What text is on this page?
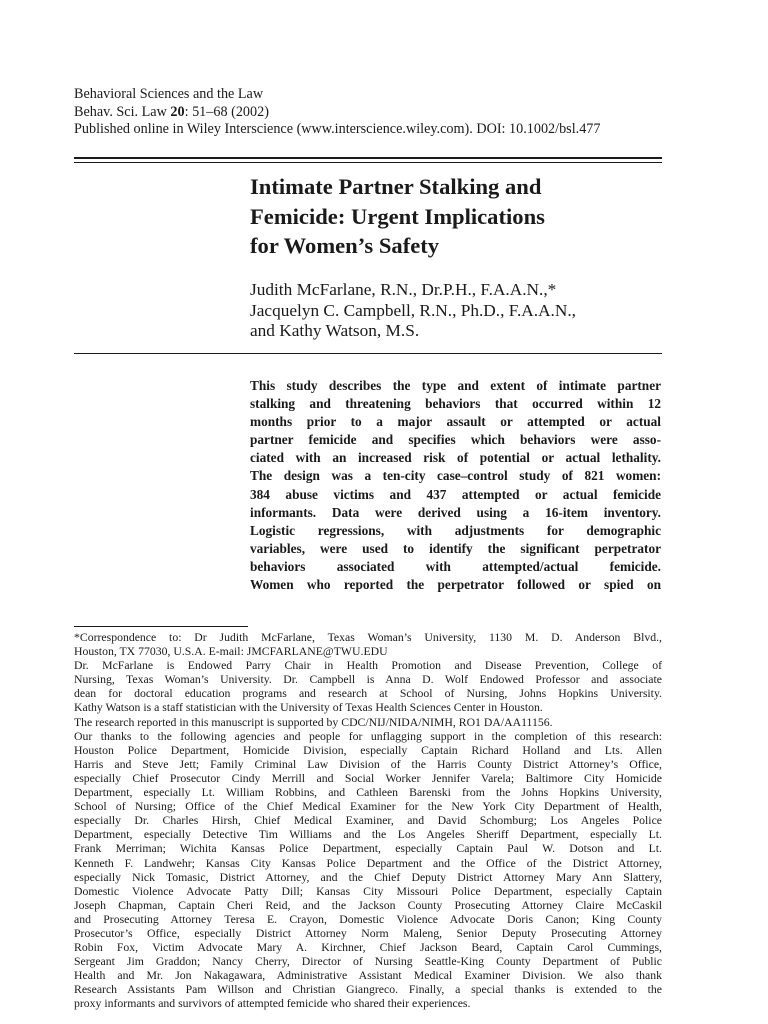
Behavioral Sciences and the Law
Behav. Sci. Law 20: 51–68 (2002)
Published online in Wiley Interscience (www.interscience.wiley.com). DOI: 10.1002/bsl.477
Intimate Partner Stalking and
Femicide: Urgent Implications
for Women’s Safety
Judith McFarlane, R.N., Dr.P.H., F.A.A.N.,*
Jacquelyn C. Campbell, R.N., Ph.D., F.A.A.N.,
and Kathy Watson, M.S.
This study describes the type and extent of intimate partner
stalking and threatening behaviors that occurred within 12
months prior to a major assault or attempted or actual
partner femicide and specifies which behaviors were asso-
ciated with an increased risk of potential or actual lethality.
The design was a ten-city case–control study of 821 women:
384 abuse victims and 437 attempted or actual femicide
informants. Data were derived using a 16-item inventory.
Logistic regressions, with adjustments for demographic
variables, were used to identify the significant perpetrator
behaviors associated with attempted/actual femicide.
Women who reported the perpetrator followed or spied on
*Correspondence to: Dr Judith McFarlane, Texas Woman’s University, 1130 M. D. Anderson Blvd.,
Houston, TX 77030, U.S.A. E-mail: JMCFARLANE@TWU.EDU
Dr. McFarlane is Endowed Parry Chair in Health Promotion and Disease Prevention, College of
Nursing, Texas Woman’s University. Dr. Campbell is Anna D. Wolf Endowed Professor and associate
dean for doctoral education programs and research at School of Nursing, Johns Hopkins University.
Kathy Watson is a staff statistician with the University of Texas Health Sciences Center in Houston.
The research reported in this manuscript is supported by CDC/NIJ/NIDA/NIMH, RO1 DA/AA11156.
Our thanks to the following agencies and people for unflagging support in the completion of this research:
Houston Police Department, Homicide Division, especially Captain Richard Holland and Lts. Allen
Harris and Steve Jett; Family Criminal Law Division of the Harris County District Attorney’s Office,
especially Chief Prosecutor Cindy Merrill and Social Worker Jennifer Varela; Baltimore City Homicide
Department, especially Lt. William Robbins, and Cathleen Barenski from the Johns Hopkins University,
School of Nursing; Office of the Chief Medical Examiner for the New York City Department of Health,
especially Dr. Charles Hirsh, Chief Medical Examiner, and David Schomburg; Los Angeles Police
Department, especially Detective Tim Williams and the Los Angeles Sheriff Department, especially Lt.
Frank Merriman; Wichita Kansas Police Department, especially Captain Paul W. Dotson and Lt.
Kenneth F. Landwehr; Kansas City Kansas Police Department and the Office of the District Attorney,
especially Nick Tomasic, District Attorney, and the Chief Deputy District Attorney Mary Ann Slattery,
Domestic Violence Advocate Patty Dill; Kansas City Missouri Police Department, especially Captain
Joseph Chapman, Captain Cheri Reid, and the Jackson County Prosecuting Attorney Claire McCaskil
and Prosecuting Attorney Teresa E. Crayon, Domestic Violence Advocate Doris Canon; King County
Prosecutor’s Office, especially District Attorney Norm Maleng, Senior Deputy Prosecuting Attorney
Robin Fox, Victim Advocate Mary A. Kirchner, Chief Jackson Beard, Captain Carol Cummings,
Sergeant Jim Graddon; Nancy Cherry, Director of Nursing Seattle-King County Department of Public
Health and Mr. Jon Nakagawara, Administrative Assistant Medical Examiner Division. We also thank
Research Assistants Pam Willson and Christian Giangreco. Finally, a special thanks is extended to the
proxy informants and survivors of attempted femicide who shared their experiences.
